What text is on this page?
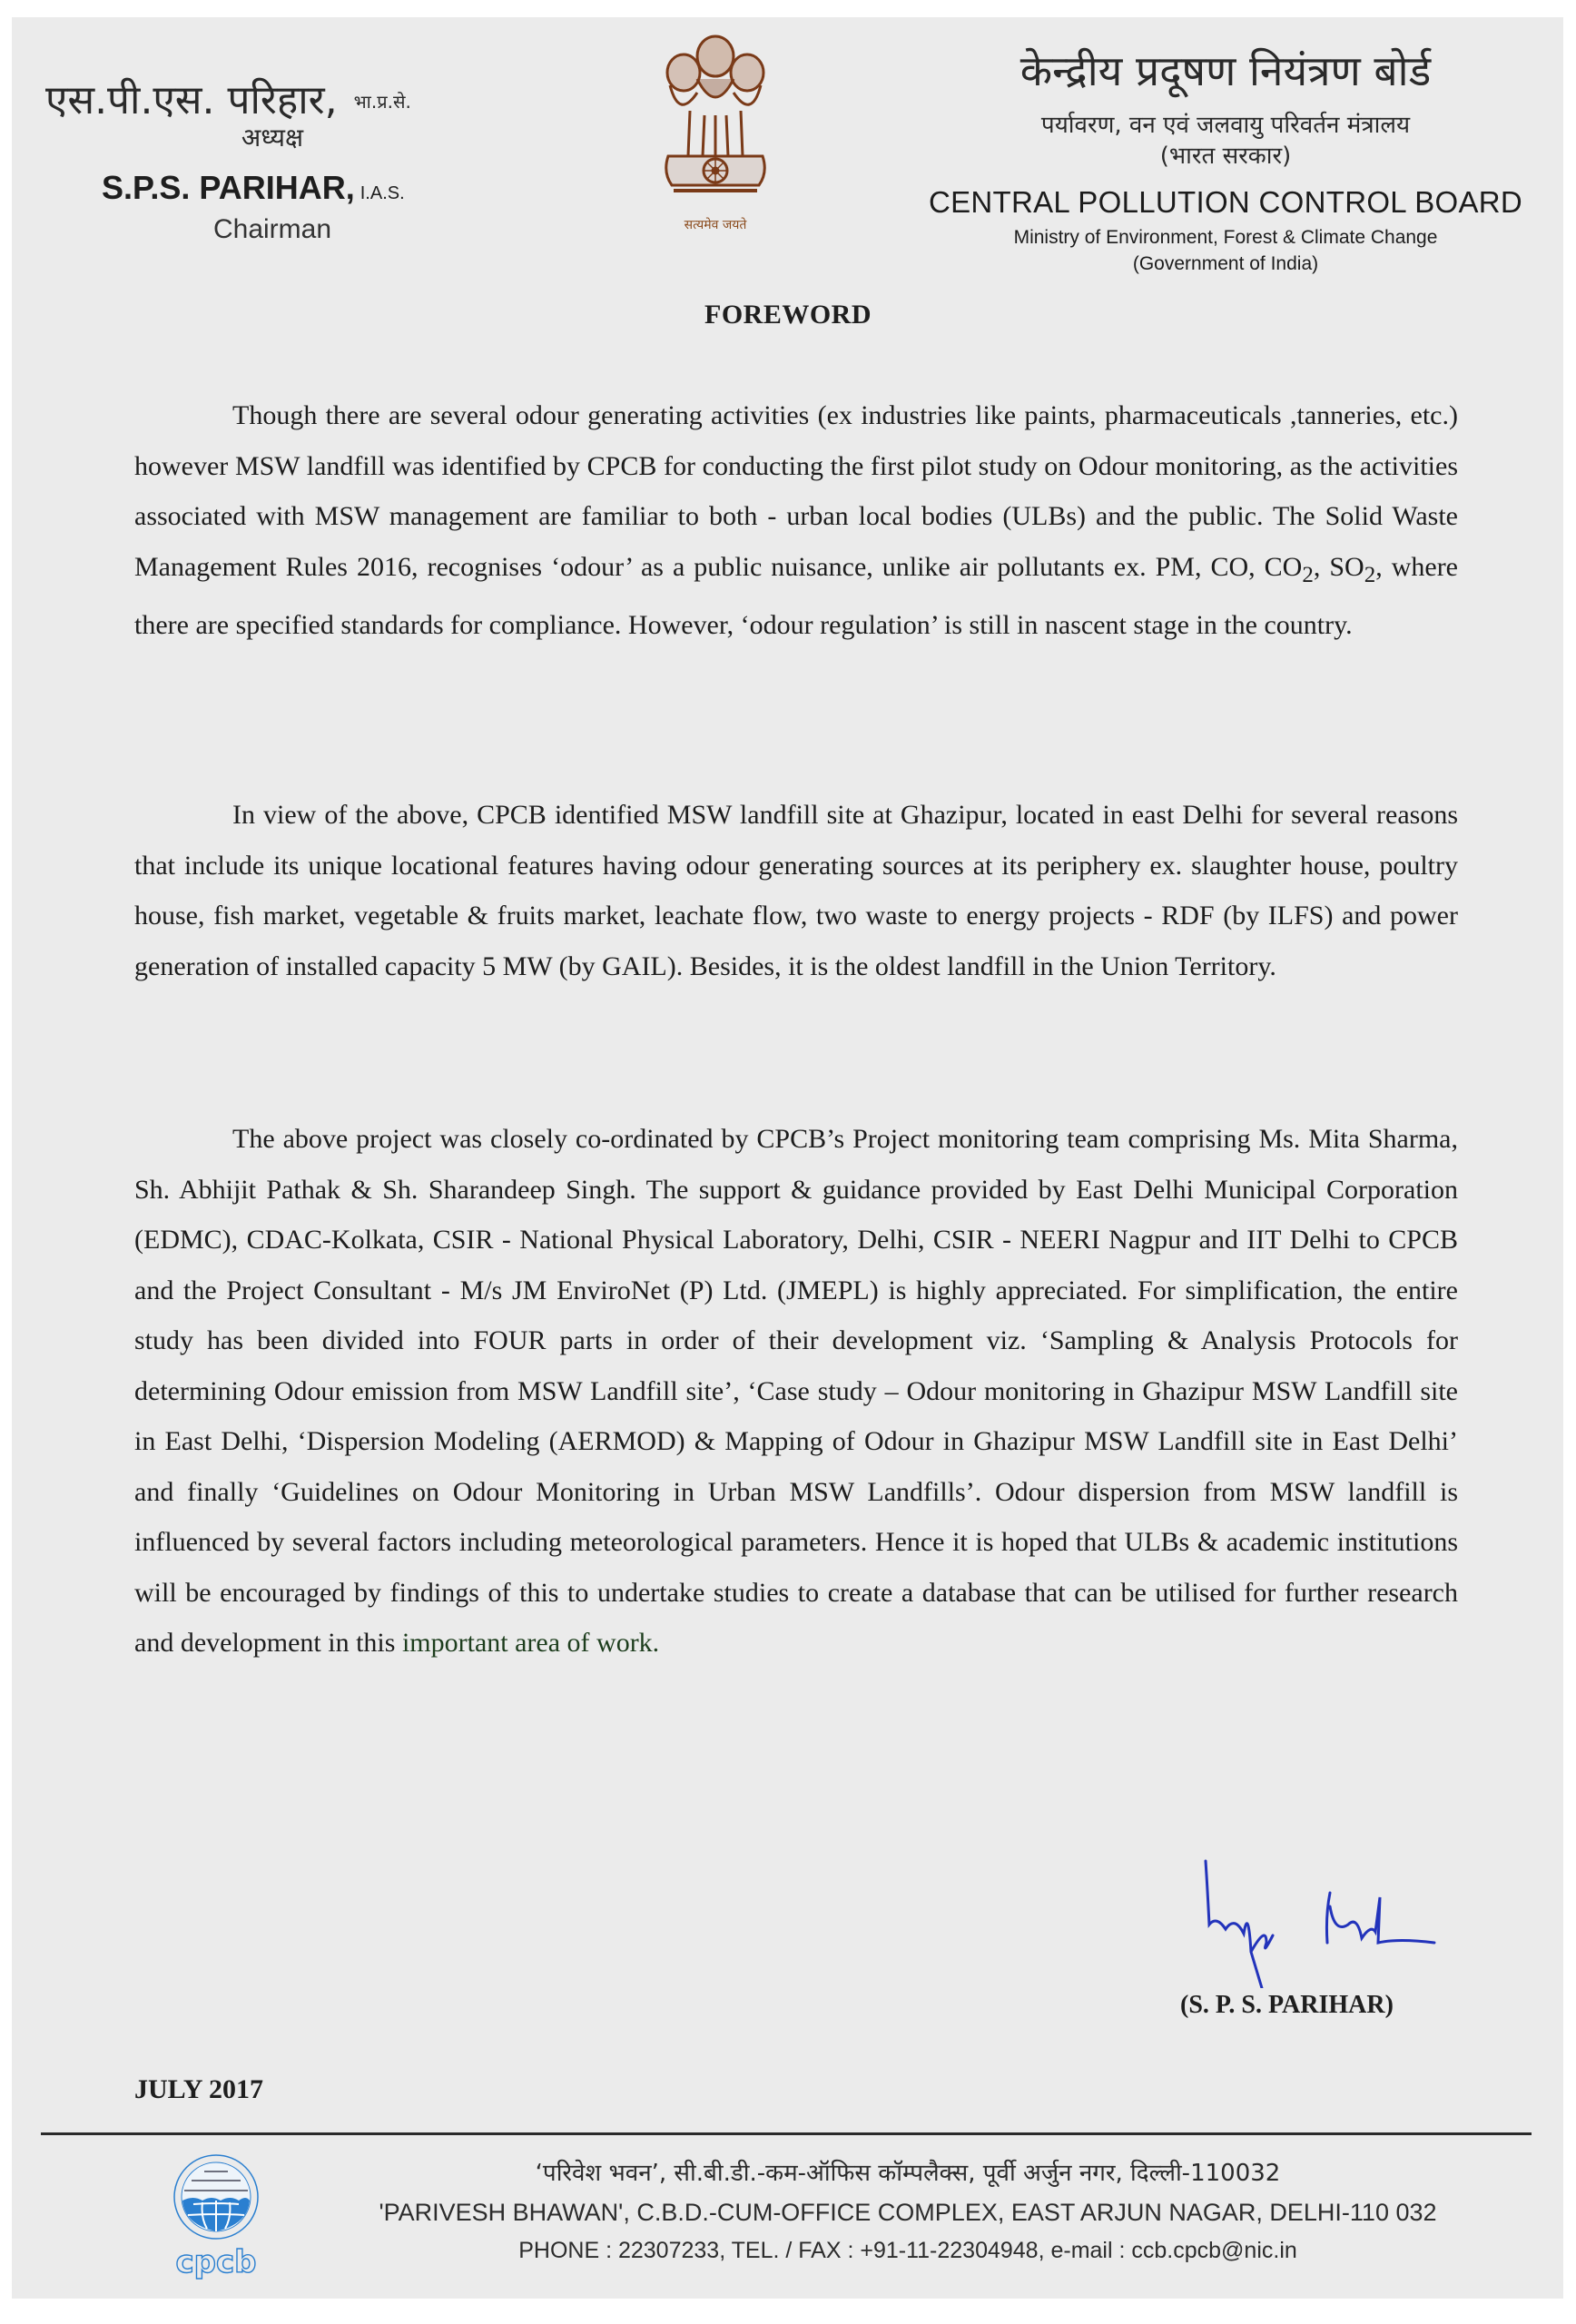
एस.पी.एस. परिहार, भा.प्र.से.
अध्यक्ष
S.P.S. PARIHAR, I.A.S.
Chairman	सत्यमेव जयते
केन्द्रीय प्रदूषण नियंत्रण बोर्ड
पर्यावरण, वन एवं जलवायु परिवर्तन मंत्रालय
(भारत सरकार)
CENTRAL POLLUTION CONTROL BOARD
Ministry of Environment, Forest & Climate Change
(Government of India)
FOREWORD

Though there are several odour generating activities (ex industries like paints, pharmaceuticals ,tanneries, etc.) however MSW landfill was identified by CPCB for conducting the first pilot study on Odour monitoring, as the activities associated with MSW management are familiar to both - urban local bodies (ULBs) and the public. The Solid Waste Management Rules 2016, recognises ‘odour’ as a public nuisance, unlike air pollutants ex. PM, CO, $CO_2$, $SO_2$, where there are specified standards for compliance. However, ‘odour regulation’ is still in nascent stage in the country.

In view of the above, CPCB identified MSW landfill site at Ghazipur, located in east Delhi for several reasons that include its unique locational features having odour generating sources at its periphery ex. slaughter house, poultry house, fish market, vegetable & fruits market, leachate flow, two waste to energy projects - RDF (by ILFS) and power generation of installed capacity 5 MW (by GAIL). Besides, it is the oldest landfill in the Union Territory.

The above project was closely co-ordinated by CPCB’s Project monitoring team comprising Ms. Mita Sharma, Sh. Abhijit Pathak & Sh. Sharandeep Singh. The support & guidance provided by East Delhi Municipal Corporation (EDMC), CDAC-Kolkata, CSIR - National Physical Laboratory, Delhi, CSIR - NEERI Nagpur and IIT Delhi to CPCB and the Project Consultant - M/s JM EnviroNet (P) Ltd. (JMEPL) is highly appreciated. For simplification, the entire study has been divided into FOUR parts in order of their development viz. ‘Sampling & Analysis Protocols for determining Odour emission from MSW Landfill site’, ‘Case study – Odour monitoring in Ghazipur MSW Landfill site in East Delhi, ‘Dispersion Modeling (AERMOD) & Mapping of Odour in Ghazipur MSW Landfill site in East Delhi’ and finally ‘Guidelines on Odour Monitoring in Urban MSW Landfills’. Odour dispersion from MSW landfill is influenced by several factors including meteorological parameters. Hence it is hoped that ULBs & academic institutions will be encouraged by findings of this to undertake studies to create a database that can be utilised for further research and development in this important area of work.

(S. P. S. PARIHAR)
JULY 2017
cpcb
‘परिवेश भवन’, सी.बी.डी.-कम-ऑफिस कॉम्पलैक्स, पूर्वी अर्जुन नगर, दिल्ली-110032
'PARIVESH BHAWAN', C.B.D.-CUM-OFFICE COMPLEX, EAST ARJUN NAGAR, DELHI-110 032
PHONE : 22307233, TEL. / FAX : +91-11-22304948, e-mail : ccb.cpcb@nic.in
